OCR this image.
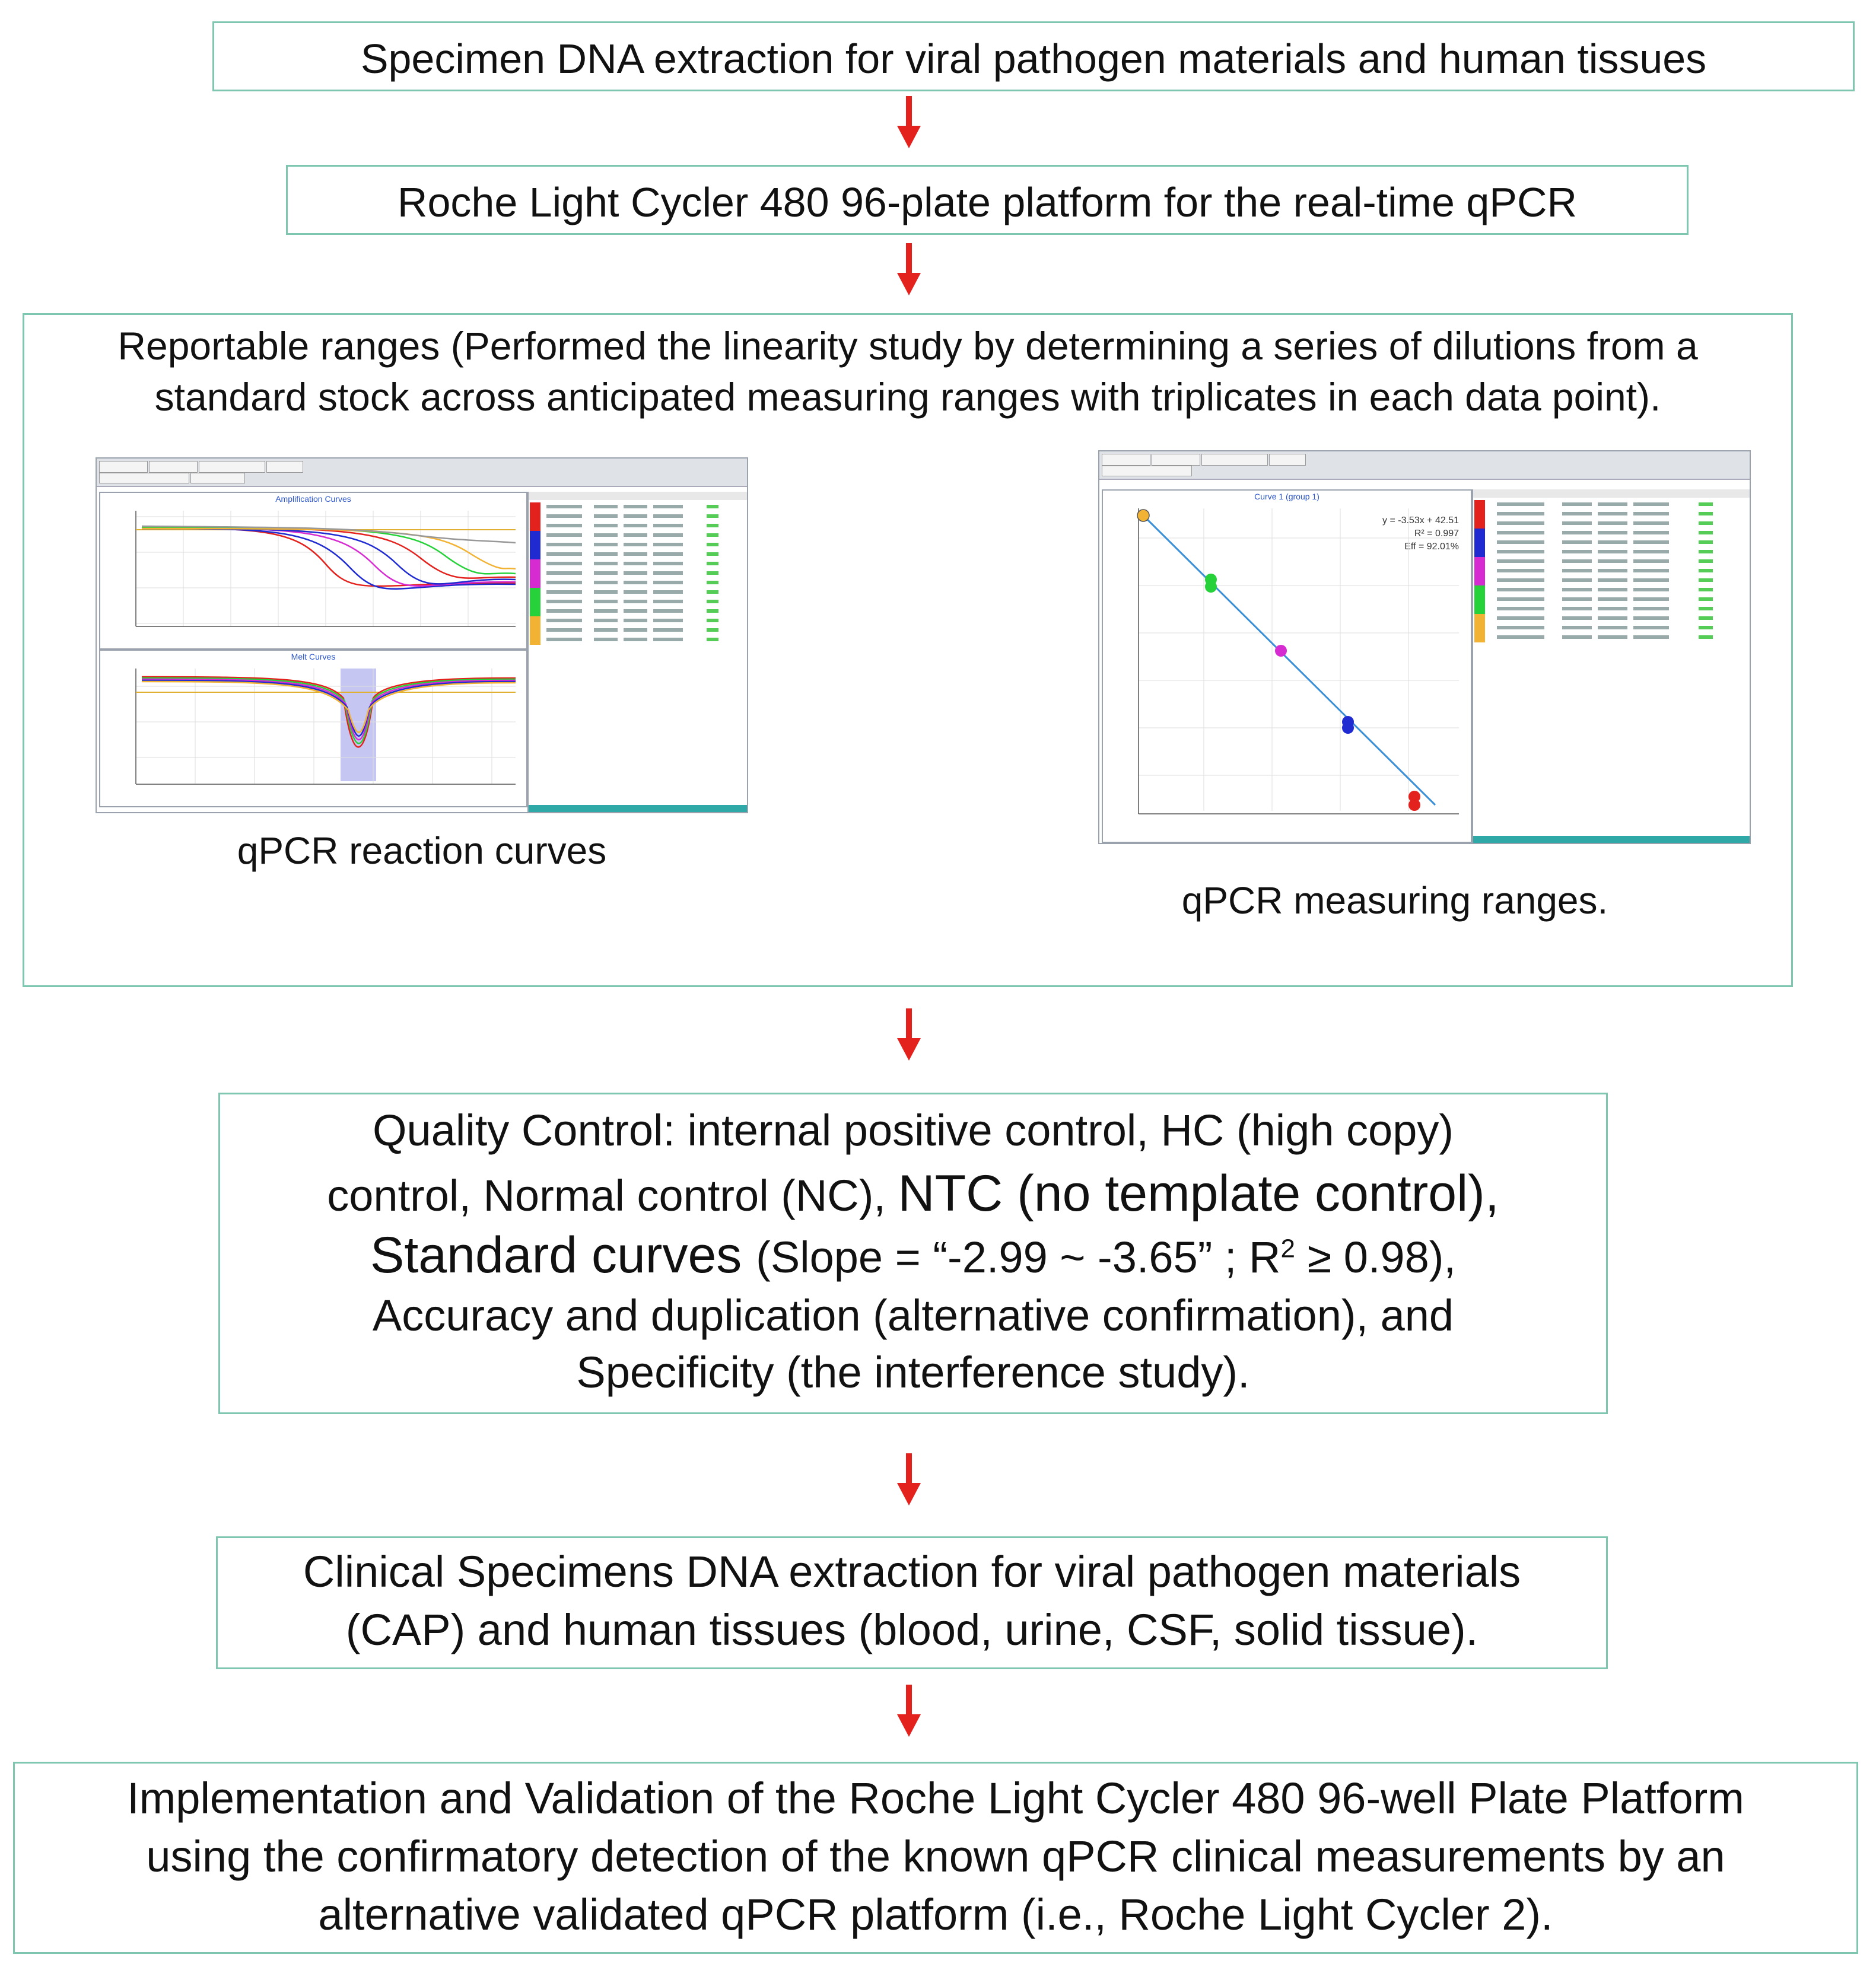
Specimen DNA extraction for viral pathogen materials and human tissues
Roche Light Cycler 480 96-plate platform for the real-time qPCR
Reportable ranges (Performed the linearity study by determining a series of dilutions from a
standard stock across anticipated measuring ranges with triplicates in each data point).
Amplification Curves
Melt Curves
qPCR reaction curves
Curve 1 (group 1)
y = -3.53x + 42.51
R² = 0.997
Eff = 92.01%
qPCR measuring ranges.
Quality Control: internal positive control, HC (high copy)
control, Normal control (NC), NTC (no template control),
Standard curves (Slope = “-2.99 ~ -3.65” ; $R^2 \ge 0.98$),
Accuracy and duplication (alternative confirmation), and
Specificity (the interference study).
Clinical Specimens DNA extraction for viral pathogen materials
(CAP) and human tissues (blood, urine, CSF, solid tissue).
Implementation and Validation of the Roche Light Cycler 480 96-well Plate Platform
using the confirmatory detection of the known qPCR clinical measurements by an
alternative validated qPCR platform (i.e., Roche Light Cycler 2).
